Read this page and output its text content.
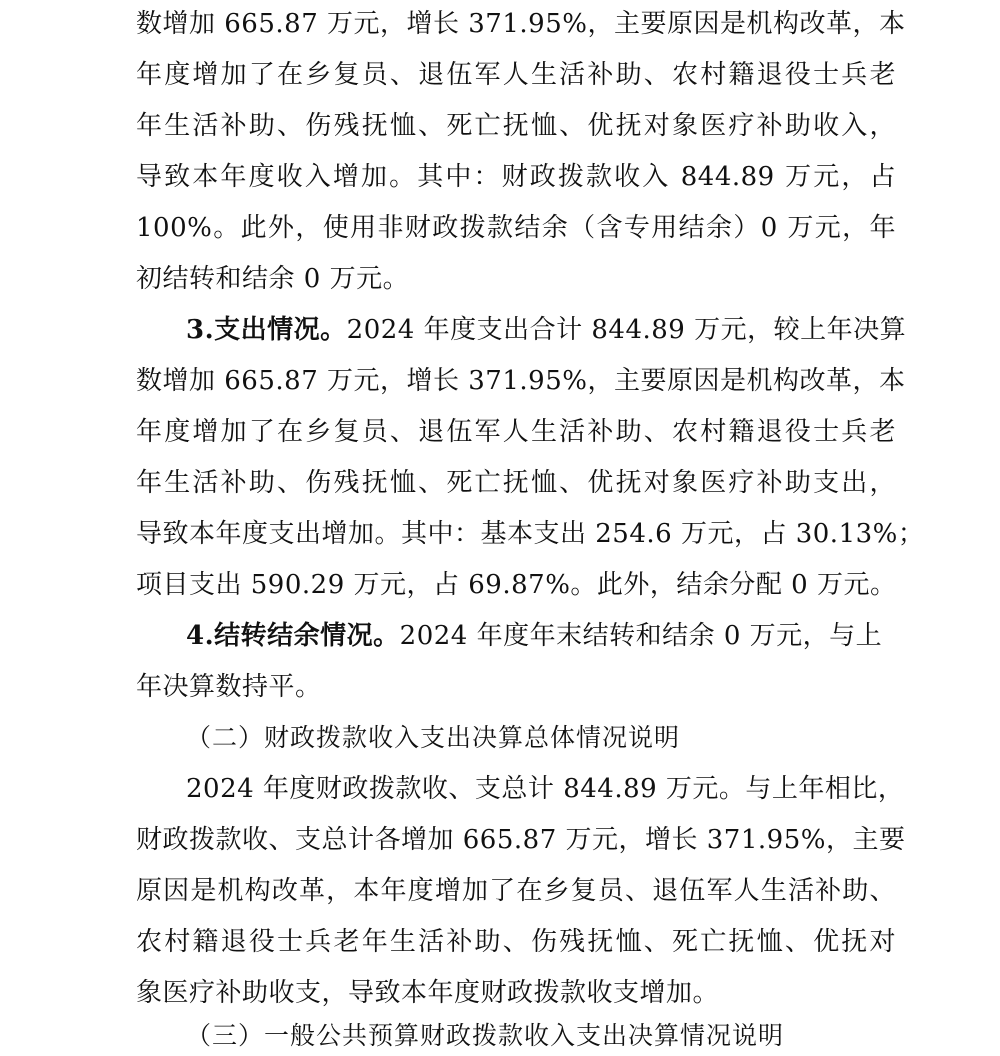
数增加 665.87 万元，增长 371.95%，主要原因是机构改革，本
年度增加了在乡复员、退伍军人生活补助、农村籍退役士兵老
年生活补助、伤残抚恤、死亡抚恤、优抚对象医疗补助收入，
导致本年度收入增加。其中：财政拨款收入 844.89 万元，占
100%。此外，使用非财政拨款结余（含专用结余）0 万元，年
初结转和结余 0 万元。
3.支出情况。2024 年度支出合计 844.89 万元，较上年决算
数增加 665.87 万元，增长 371.95%，主要原因是机构改革，本
年度增加了在乡复员、退伍军人生活补助、农村籍退役士兵老
年生活补助、伤残抚恤、死亡抚恤、优抚对象医疗补助支出，
导致本年度支出增加。其中：基本支出 254.6 万元，占 30.13%；
项目支出 590.29 万元，占 69.87%。此外，结余分配 0 万元。
4.结转结余情况。2024 年度年末结转和结余 0 万元，与上
年决算数持平。
（二）财政拨款收入支出决算总体情况说明
2024 年度财政拨款收、支总计 844.89 万元。与上年相比，
财政拨款收、支总计各增加 665.87 万元，增长 371.95%，主要
原因是机构改革，本年度增加了在乡复员、退伍军人生活补助、
农村籍退役士兵老年生活补助、伤残抚恤、死亡抚恤、优抚对
象医疗补助收支，导致本年度财政拨款收支增加。
（三）一般公共预算财政拨款收入支出决算情况说明
